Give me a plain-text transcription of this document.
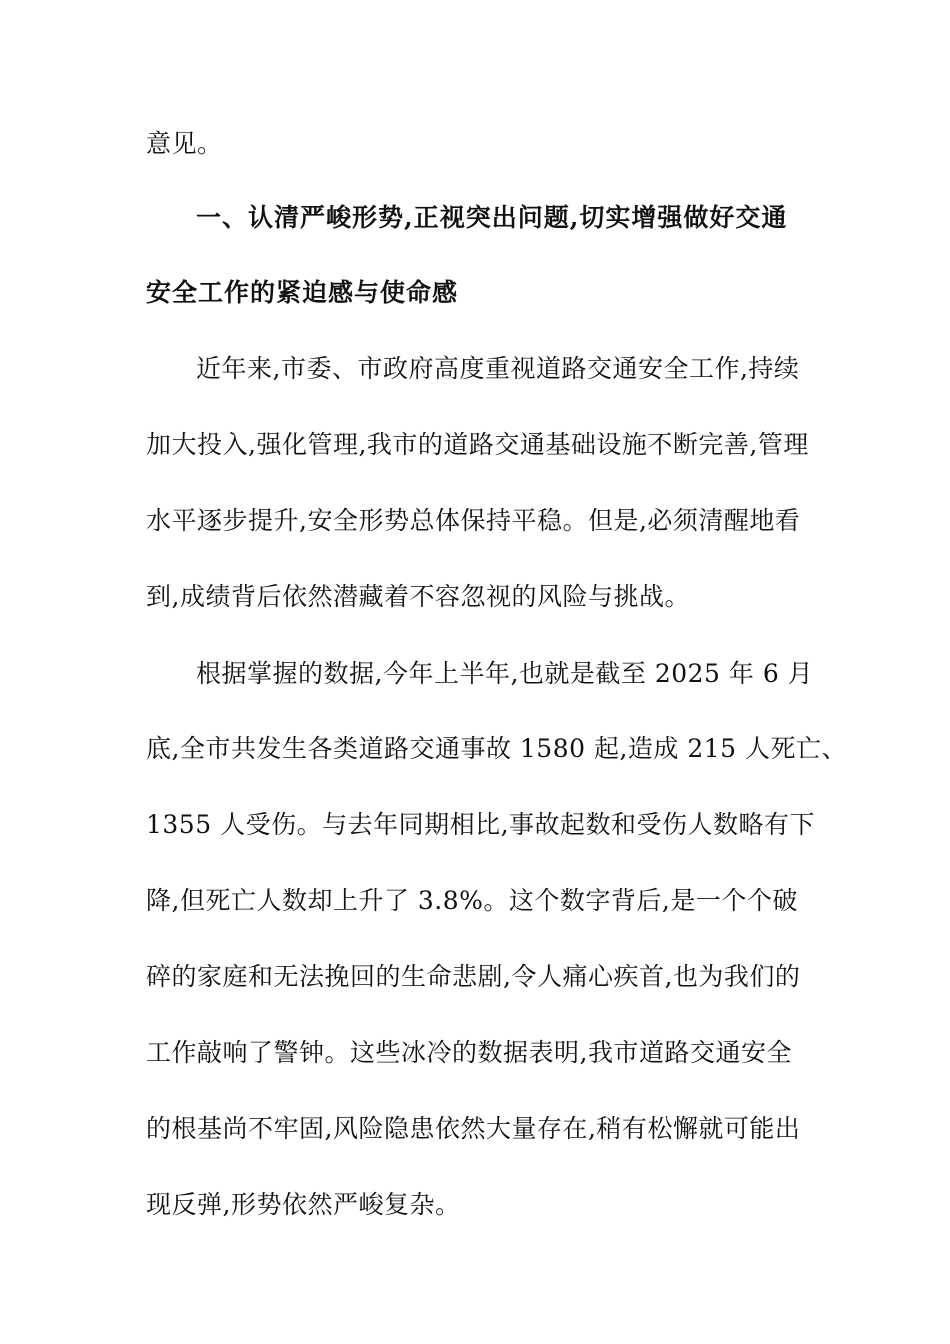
意见。
一、认清严峻形势,正视突出问题,切实增强做好交通
安全工作的紧迫感与使命感
近年来,市委、市政府高度重视道路交通安全工作,持续
加大投入,强化管理,我市的道路交通基础设施不断完善,管理
水平逐步提升,安全形势总体保持平稳。但是,必须清醒地看
到,成绩背后依然潜藏着不容忽视的风险与挑战。
根据掌握的数据,今年上半年,也就是截至 2025 年 6 月
底,全市共发生各类道路交通事故 1580 起,造成 215 人死亡、
1355 人受伤。与去年同期相比,事故起数和受伤人数略有下
降,但死亡人数却上升了 3.8%。这个数字背后,是一个个破
碎的家庭和无法挽回的生命悲剧,令人痛心疾首,也为我们的
工作敲响了警钟。这些冰冷的数据表明,我市道路交通安全
的根基尚不牢固,风险隐患依然大量存在,稍有松懈就可能出
现反弹,形势依然严峻复杂。
